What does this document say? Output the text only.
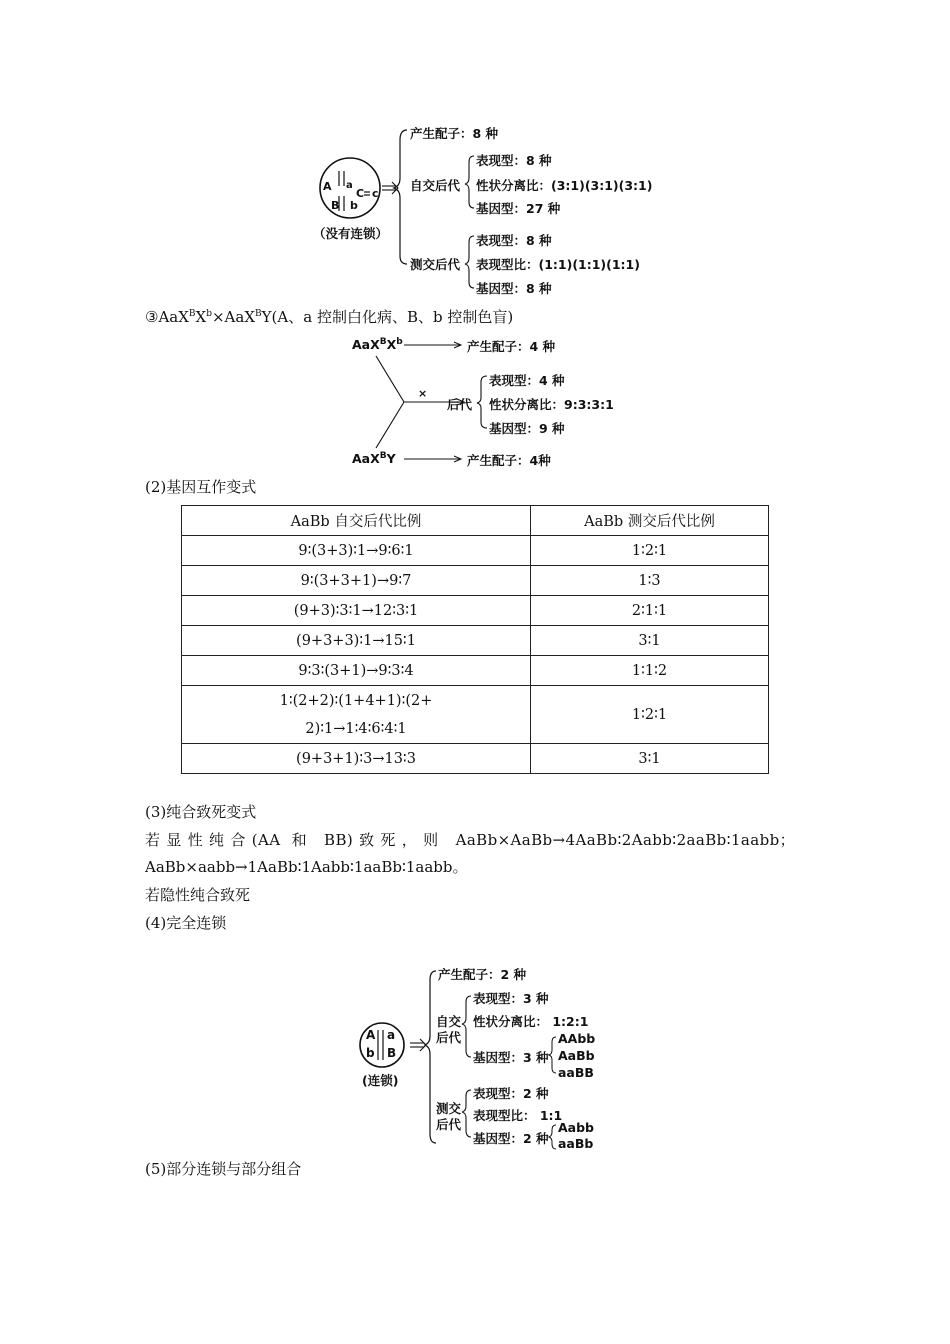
A a
C c
B b
（没有连锁）
产生配子：8 种
自交后代
表现型：8 种
性状分离比：(3:1)(3:1)(3:1)
基因型：27 种
测交后代
表现型：8 种
表现型比：(1:1)(1:1)(1:1)
基因型：8 种
$③AaX^BX^b\times AaX^BY(A$、a 控制白化病、B、b 控制色盲)
$AaX^BX^b$
AaX$^B$Y
产生配子：4 种
产生配子：4种
×
后代
表现型：4 种
性状分离比：9:3:3:1
基因型：9 种
(2)基因互作变式
AaBb 自交后代比例	AaBb 测交后代比例
9∶(3+3)∶1→9∶6∶1	1∶2∶1
9∶(3+3+1)→9∶7	1∶3
(9+3)∶3∶1→12∶3∶1	2∶1∶1
(9+3+3)∶1→15∶1	3∶1
9∶3∶(3+1)→9∶3∶4	1∶1∶2
1∶(2+2)∶(1+4+1)∶(2+
2)∶1→1∶4∶6∶4∶1	1∶2∶1
(9+3+1)∶3→13∶3	3∶1
(3)纯合致死变式
若显性纯合(AA 和 BB)致死，则 AaBb×AaBb→4AaBb∶2Aabb∶2aaBb∶1aabb；
AaBb×aabb→1AaBb∶1Aabb∶1aaBb∶1aabb。
若隐性纯合致死
(4)完全连锁
A a
b B
(连锁)
产生配子：2 种
自交
后代
表现型：3 种
性状分离比： 1:2:1
基因型：3 种
AAbb
AaBb
aaBB
测交
后代
表现型：2 种
表现型比： 1:1
基因型：2 种
Aabb
aaBb
(5)部分连锁与部分组合
